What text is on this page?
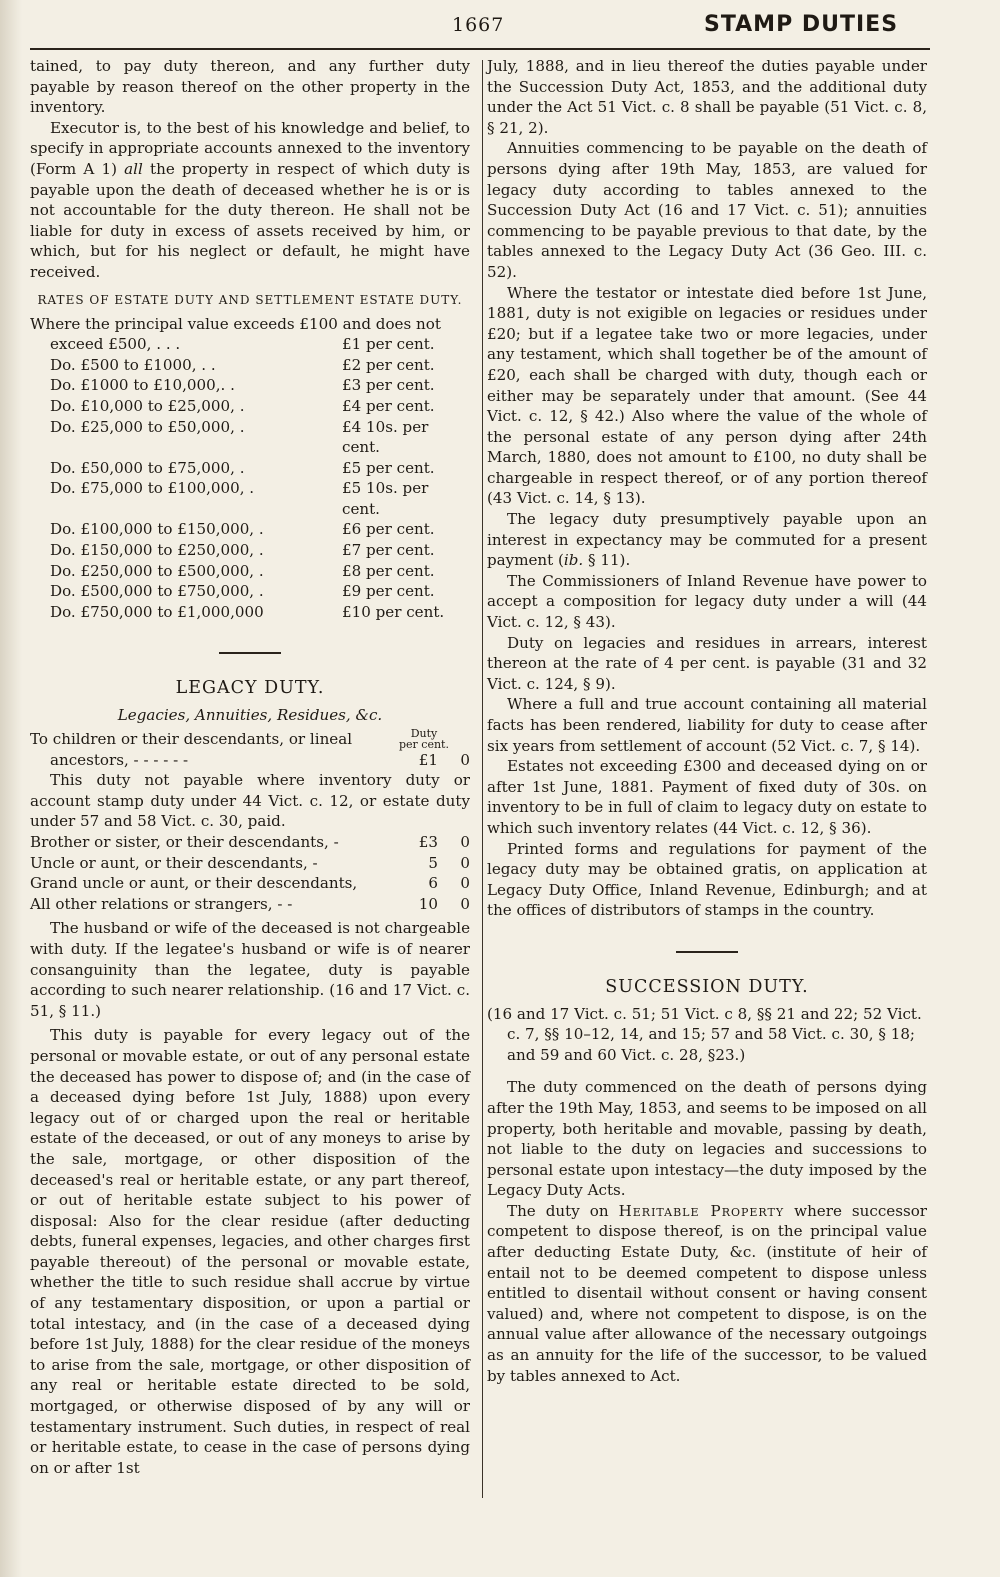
1667	STAMP DUTIES

tained, to pay duty thereon, and any further duty payable by reason thereof on the other property in the inventory.

Executor is, to the best of his knowledge and belief, to specify in appropriate accounts annexed to the inventory (Form A 1) all the property in respect of which duty is payable upon the death of deceased whether he is or is not accountable for the duty thereon. He shall not be liable for duty in excess of assets received by him, or which, but for his neglect or default, he might have received.

RATES OF ESTATE DUTY AND SETTLEMENT ESTATE DUTY.

Where the principal value exceeds £100 and does not

exceed £500, . . .	£1 per cent.
Do. £500 to £1000, . .	£2 per cent.
Do. £1000 to £10,000,. .	£3 per cent.
Do. £10,000 to £25,000, .	£4 per cent.
Do. £25,000 to £50,000, .	£4 10s. per cent.
Do. £50,000 to £75,000, .	£5 per cent.
Do. £75,000 to £100,000, .	£5 10s. per cent.
Do. £100,000 to £150,000, .	£6 per cent.
Do. £150,000 to £250,000, .	£7 per cent.
Do. £250,000 to £500,000, .	£8 per cent.
Do. £500,000 to £750,000, .	£9 per cent.
Do. £750,000 to £1,000,000	£10 per cent.
LEGACY DUTY.
Legacies, Annuities, Residues, &c.
To children or their descendants, or lineal	Duty
per cent.
ancestors, - - - - - -	£1	0

This duty not payable where inventory duty or account stamp duty under 44 Vict. c. 12, or estate duty under 57 and 58 Vict. c. 30, paid.

Brother or sister, or their descendants, -	£3	0
Uncle or aunt, or their descendants, -	5	0
Grand uncle or aunt, or their descendants,	6	0
All other relations or strangers, - -	10	0

The husband or wife of the deceased is not chargeable with duty. If the legatee's husband or wife is of nearer consanguinity than the legatee, duty is payable according to such nearer relationship. (16 and 17 Vict. c. 51, § 11.)

This duty is payable for every legacy out of the personal or movable estate, or out of any personal estate the deceased has power to dispose of; and (in the case of a deceased dying before 1st July, 1888) upon every legacy out of or charged upon the real or heritable estate of the deceased, or out of any moneys to arise by the sale, mortgage, or other disposition of the deceased's real or heritable estate, or any part thereof, or out of heritable estate subject to his power of disposal: Also for the clear residue (after deducting debts, funeral expenses, legacies, and other charges first payable thereout) of the personal or movable estate, whether the title to such residue shall accrue by virtue of any testamentary disposition, or upon a partial or total intestacy, and (in the case of a deceased dying before 1st July, 1888) for the clear residue of the moneys to arise from the sale, mortgage, or other disposition of any real or heritable estate directed to be sold, mortgaged, or otherwise disposed of by any will or testamentary instrument. Such duties, in respect of real or heritable estate, to cease in the case of persons dying on or after 1st

July, 1888, and in lieu thereof the duties payable under the Succession Duty Act, 1853, and the additional duty under the Act 51 Vict. c. 8 shall be payable (51 Vict. c. 8, § 21, 2).

Annuities commencing to be payable on the death of persons dying after 19th May, 1853, are valued for legacy duty according to tables annexed to the Succession Duty Act (16 and 17 Vict. c. 51); annuities commencing to be payable previous to that date, by the tables annexed to the Legacy Duty Act (36 Geo. III. c. 52).

Where the testator or intestate died before 1st June, 1881, duty is not exigible on legacies or residues under £20; but if a legatee take two or more legacies, under any testament, which shall together be of the amount of £20, each shall be charged with duty, though each or either may be separately under that amount. (See 44 Vict. c. 12, § 42.) Also where the value of the whole of the personal estate of any person dying after 24th March, 1880, does not amount to £100, no duty shall be chargeable in respect thereof, or of any portion thereof (43 Vict. c. 14, § 13).

The legacy duty presumptively payable upon an interest in expectancy may be commuted for a present payment (ib. § 11).

The Commissioners of Inland Revenue have power to accept a composition for legacy duty under a will (44 Vict. c. 12, § 43).

Duty on legacies and residues in arrears, interest thereon at the rate of 4 per cent. is payable (31 and 32 Vict. c. 124, § 9).

Where a full and true account containing all material facts has been rendered, liability for duty to cease after six years from settlement of account (52 Vict. c. 7, § 14).

Estates not exceeding £300 and deceased dying on or after 1st June, 1881. Payment of fixed duty of 30s. on inventory to be in full of claim to legacy duty on estate to which such inventory relates (44 Vict. c. 12, § 36).

Printed forms and regulations for payment of the legacy duty may be obtained gratis, on application at Legacy Duty Office, Inland Revenue, Edinburgh; and at the offices of distributors of stamps in the country.

SUCCESSION DUTY.

(16 and 17 Vict. c. 51; 51 Vict. c 8, §§ 21 and 22; 52 Vict. c. 7, §§ 10–12, 14, and 15; 57 and 58 Vict. c. 30, § 18; and 59 and 60 Vict. c. 28, §23.)

The duty commenced on the death of persons dying after the 19th May, 1853, and seems to be imposed on all property, both heritable and movable, passing by death, not liable to the duty on legacies and successions to personal estate upon intestacy—the duty imposed by the Legacy Duty Acts.

The duty on Heritable Property where successor competent to dispose thereof, is on the principal value after deducting Estate Duty, &c. (institute of heir of entail not to be deemed competent to dispose unless entitled to disentail without consent or having consent valued) and, where not competent to dispose, is on the annual value after allowance of the necessary outgoings as an annuity for the life of the successor, to be valued by tables annexed to Act.
